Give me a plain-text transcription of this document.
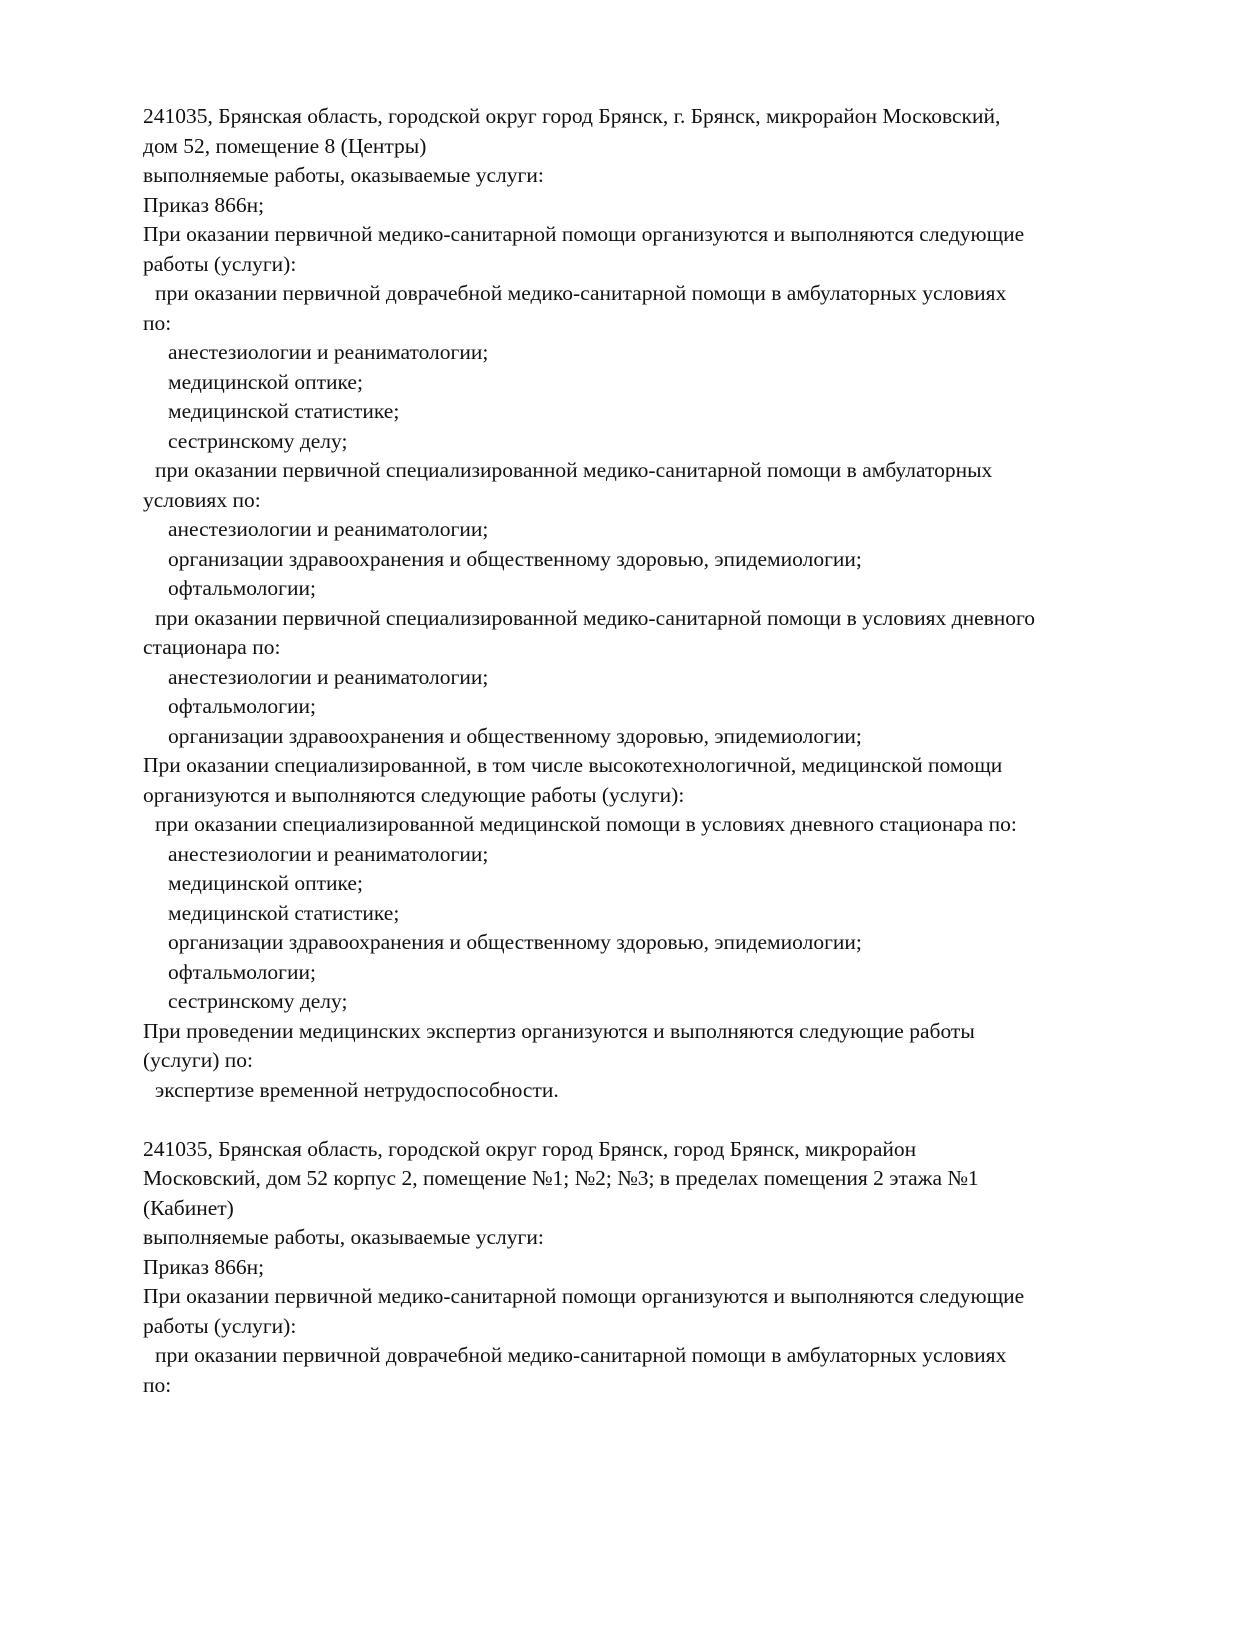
241035, Брянская область, городской округ город Брянск, г. Брянск, микрорайон Московский,

дом 52, помещение 8 (Центры)

выполняемые работы, оказываемые услуги:

Приказ 866н;

При оказании первичной медико-санитарной помощи организуются и выполняются следующие

работы (услуги):

при оказании первичной доврачебной медико-санитарной помощи в амбулаторных условиях

по:

анестезиологии и реаниматологии;

медицинской оптике;

медицинской статистике;

сестринскому делу;

при оказании первичной специализированной медико-санитарной помощи в амбулаторных

условиях по:

анестезиологии и реаниматологии;

организации здравоохранения и общественному здоровью, эпидемиологии;

офтальмологии;

при оказании первичной специализированной медико-санитарной помощи в условиях дневного

стационара по:

анестезиологии и реаниматологии;

офтальмологии;

организации здравоохранения и общественному здоровью, эпидемиологии;

При оказании специализированной, в том числе высокотехнологичной, медицинской помощи

организуются и выполняются следующие работы (услуги):

при оказании специализированной медицинской помощи в условиях дневного стационара по:

анестезиологии и реаниматологии;

медицинской оптике;

медицинской статистике;

организации здравоохранения и общественному здоровью, эпидемиологии;

офтальмологии;

сестринскому делу;

При проведении медицинских экспертиз организуются и выполняются следующие работы

(услуги) по:

экспертизе временной нетрудоспособности.

241035, Брянская область, городской округ город Брянск, город Брянск, микрорайон

Московский, дом 52 корпус 2, помещение №1; №2; №3; в пределах помещения 2 этажа №1

(Кабинет)

выполняемые работы, оказываемые услуги:

Приказ 866н;

При оказании первичной медико-санитарной помощи организуются и выполняются следующие

работы (услуги):

при оказании первичной доврачебной медико-санитарной помощи в амбулаторных условиях

по:
